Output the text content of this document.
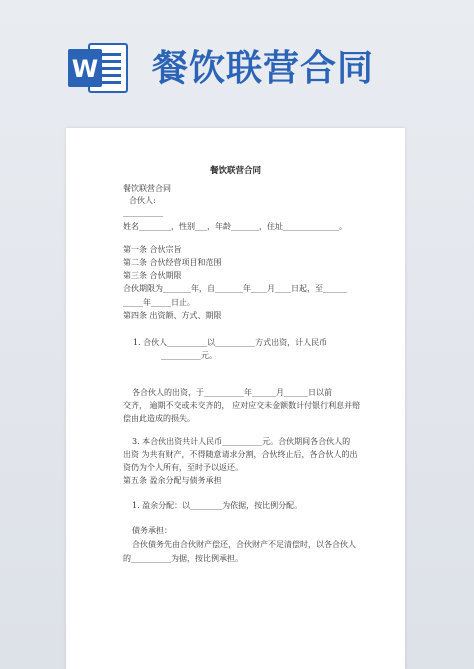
W 餐饮联营合同
餐饮联营合同
餐饮联营合同
合伙人:
__________
姓名________，性别___，年龄_______，住址______________。
第一条 合伙宗旨
第二条 合伙经营项目和范围
第三条 合伙期限
合伙期限为_______年，自_______年____月____日起，至______
_____年_____日止。
第四条 出资额、方式、期限
1. 合伙人__________以__________方式出资，计人民币
__________元。
各合伙人的出资，于__________年______月______日以前
交齐， 逾期不交或未交齐的， 应对应交未金额数计付银行利息并赔
偿由此造成的损失。
3. 本合伙出资共计人民币__________元。合伙期间各合伙人的
出资 为共有财产，不得随意请求分割，合伙终止后，各合伙人的出
资仍为个人所有，至时予以返还。
第五条 盈余分配与债务承担
1. 盈余分配：以________为依据，按比例分配。
债务承担：
合伙债务先由合伙财产偿还，合伙财产不足清偿时，以各合伙人
的__________为据，按比例承担。
